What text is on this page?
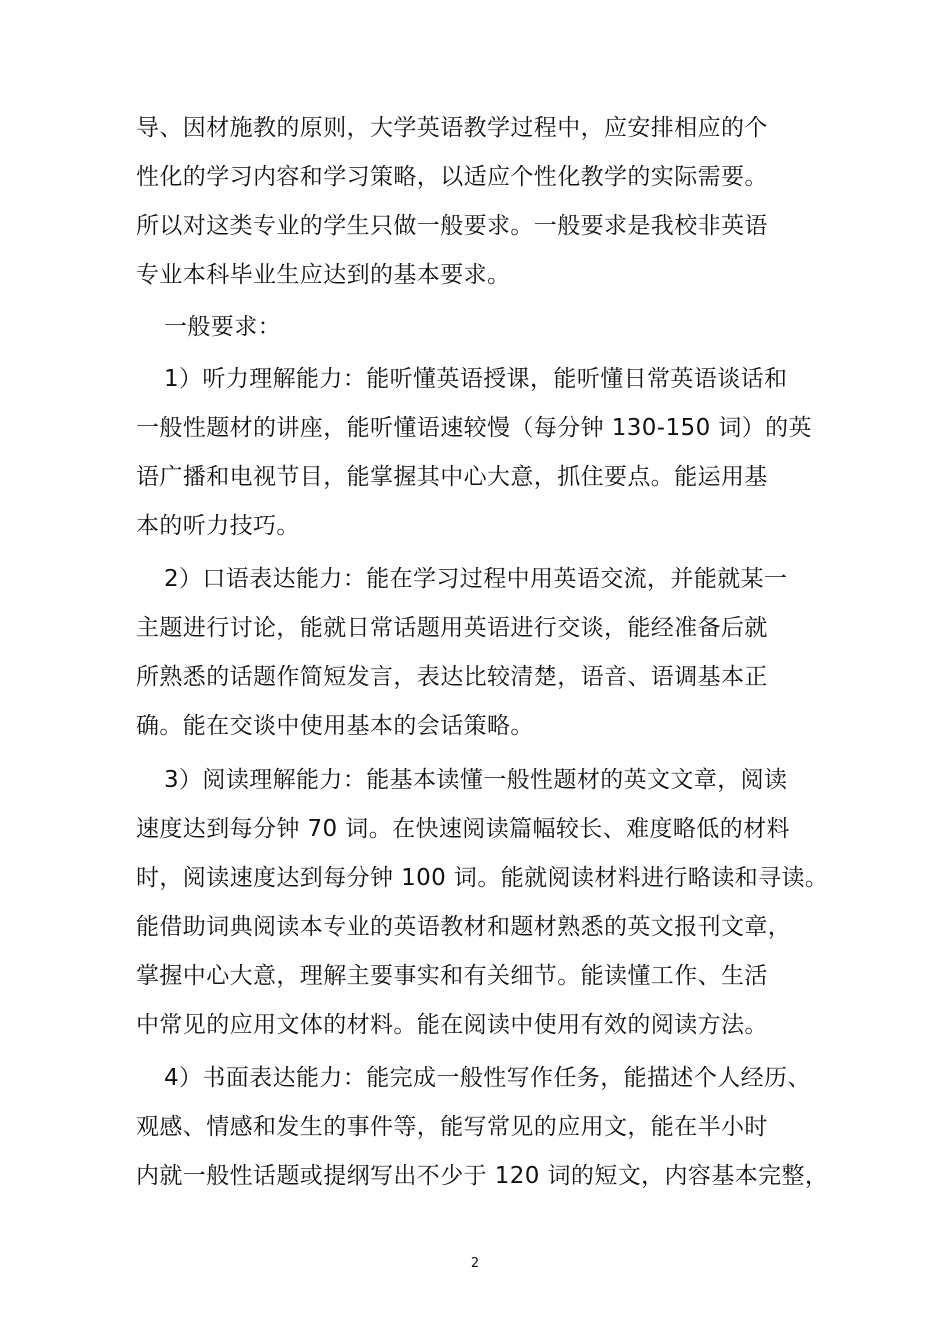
导、因材施教的原则，大学英语教学过程中，应安排相应的个
性化的学习内容和学习策略，以适应个性化教学的实际需要。
所以对这类专业的学生只做一般要求。一般要求是我校非英语
专业本科毕业生应达到的基本要求。
一般要求：
1）听力理解能力：能听懂英语授课，能听懂日常英语谈话和
一般性题材的讲座，能听懂语速较慢（每分钟 130-150 词）的英
语广播和电视节目，能掌握其中心大意，抓住要点。能运用基
本的听力技巧。
2）口语表达能力：能在学习过程中用英语交流，并能就某一
主题进行讨论，能就日常话题用英语进行交谈，能经准备后就
所熟悉的话题作简短发言，表达比较清楚，语音、语调基本正
确。能在交谈中使用基本的会话策略。
3）阅读理解能力：能基本读懂一般性题材的英文文章，阅读
速度达到每分钟 70 词。在快速阅读篇幅较长、难度略低的材料
时，阅读速度达到每分钟 100 词。能就阅读材料进行略读和寻读。
能借助词典阅读本专业的英语教材和题材熟悉的英文报刊文章，
掌握中心大意，理解主要事实和有关细节。能读懂工作、生活
中常见的应用文体的材料。能在阅读中使用有效的阅读方法。
4）书面表达能力：能完成一般性写作任务，能描述个人经历、
观感、情感和发生的事件等，能写常见的应用文，能在半小时
内就一般性话题或提纲写出不少于 120 词的短文，内容基本完整，
2
